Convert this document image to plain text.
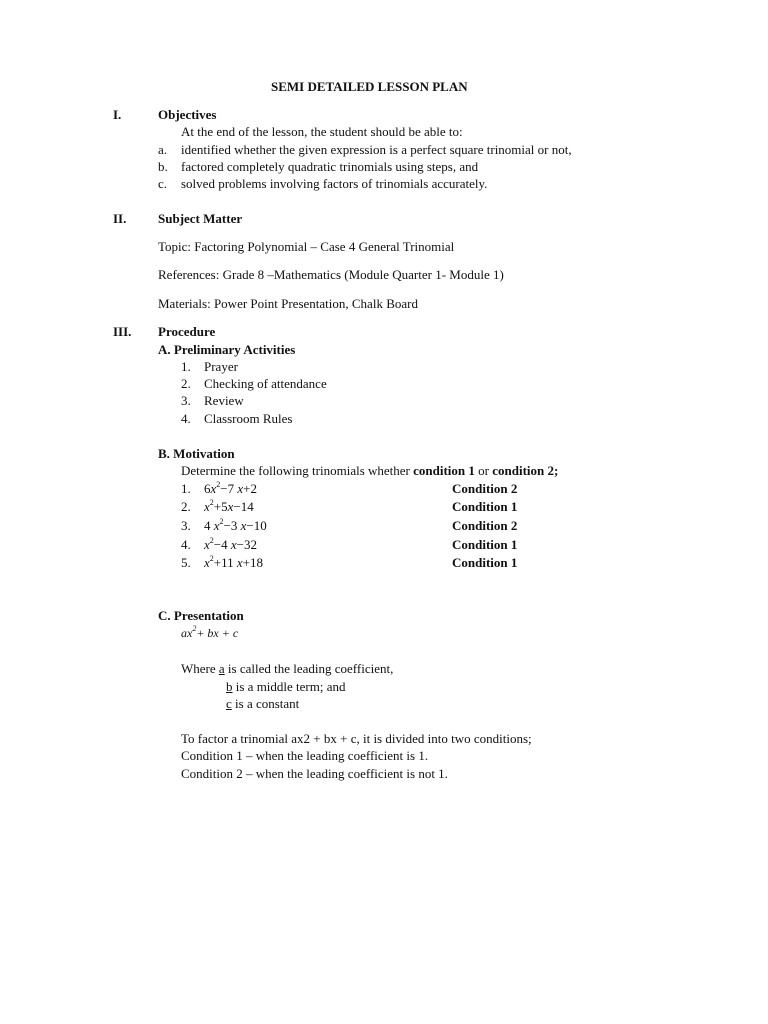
SEMI DETAILED LESSON PLAN
I.	Objectives
At the end of the lesson, the student should be able to:
a. identified whether the given expression is a perfect square trinomial or not,
b. factored completely quadratic trinomials using steps, and
c. solved problems involving factors of trinomials accurately.
II. Subject Matter
Topic: Factoring Polynomial – Case 4 General Trinomial
References: Grade 8 –Mathematics (Module Quarter 1- Module 1)
Materials: Power Point Presentation, Chalk Board
III. Procedure
A. Preliminary Activities
1. Prayer
2. Checking of attendance
3. Review
4. Classroom Rules
B. Motivation
Determine the following trinomials whether condition 1 or condition 2;
1. $6x^2-7$ x+2	Condition 2
2. $x^2+5x-14$	Condition 1
3. 4 $x^2-3$ x−10	Condition 2
4. $x^2-4$ x−32	Condition 1
5. $x^2+11$ x+18	Condition 1
C. Presentation
$ax^2+$ bx + c
Where a is called the leading coefficient,
b is a middle term; and
c is a constant
To factor a trinomial ax2 + bx + c, it is divided into two conditions;
Condition 1 – when the leading coefficient is 1.
Condition 2 – when the leading coefficient is not 1.
